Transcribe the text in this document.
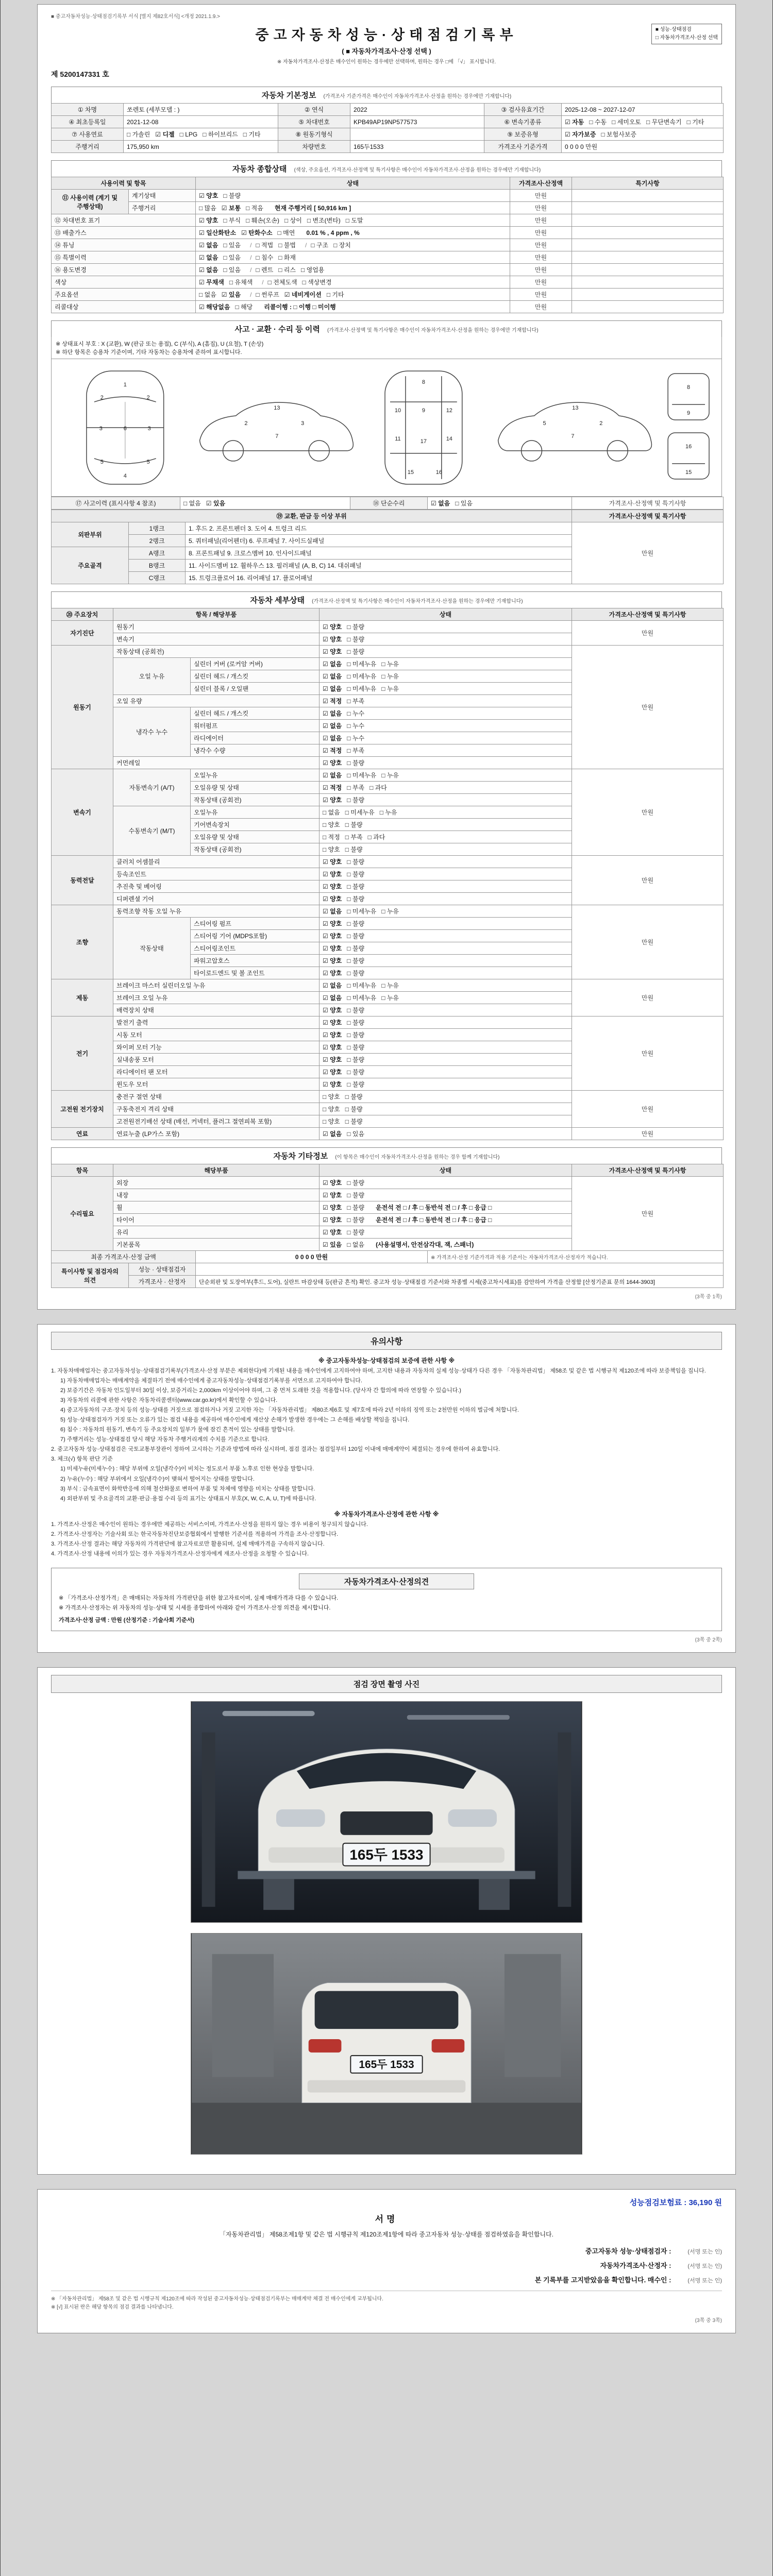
■ 중고자동차성능·상태점검기록부 서식 [별지 제82호서식] <개정 2021.1.9.>
중고자동차성능·상태점검기록부
( ■ 자동차가격조사·산정 선택 )
※ 자동차가격조사·산정은 매수인이 원하는 경우에만 선택하며, 원하는 경우 □에 「√」 표시합니다.
■ 성능·상태점검
□ 자동차가격조사·산정 선택
제 5200147331 호
자동차 기본정보 (가격조사 기준가격은 매수인이 자동차가격조사·산정을 원하는 경우에만 기재합니다)
① 차명	쏘렌토 (세부모델 : )	② 연식	2022	③ 검사유효기간	2025-12-08 ~ 2027-12-07
④ 최초등록일	2021-12-08	⑤ 차대번호	KPB49AP19NP577573	⑥ 변속기종류	☑ 자동 □ 수동 □ 세미오토 □ 무단변속기 □ 기타
⑦ 사용연료	□ 가솔린 ☑ 디젤 □ LPG □ 하이브리드 □ 기타	⑧ 원동기형식		⑨ 보증유형	☑ 자가보증 □ 보험사보증
주행거리	175,950 km	차량번호	165두1533	가격조사 기준가격	0 0 0 0 만원
자동차 종합상태 (색상, 주요옵션, 가격조사·산정액 및 특기사항은 매수인이 자동차가격조사·산정을 원하는 경우에만 기재합니다)
사용이력 및 항목		상태	가격조사·산정액	특기사항
⑪ 사용이력 (계기 및 주행상태)	계기상태	☑ 양호 □ 불량	만원	
	주행거리	□ 많음 ☑ 보통 □ 적음 현재 주행거리 [ 50,916 km ]	만원	
⑫ 차대번호 표기		☑ 양호 □ 부식 □ 훼손(오손) □ 상이 □ 변조(변타) □ 도말	만원	
⑬ 배출가스		☑ 일산화탄소 ☑ 탄화수소 □ 매연 0.01 % , 4 ppm , %	만원	
⑭ 튜닝		☑ 없음 □ 있음 / □ 적법 □ 불법 / □ 구조 □ 장치	만원	
⑮ 특별이력		☑ 없음 □ 있음 / □ 침수 □ 화재	만원	
⑯ 용도변경		☑ 없음 □ 있음 / □ 렌트 □ 리스 □ 영업용	만원	
색상		☑ 무채색 □ 유채색 / □ 전체도색 □ 색상변경	만원	
주요옵션		□ 없음 ☑ 있음 / □ 썬루프 ☑ 네비게이션 □ 기타	만원	
리콜대상		☑ 해당없음 □ 해당 리콜이행 : □ 이행 □ 미이행	만원	
사고 · 교환 · 수리 등 이력 (가격조사·산정액 및 특기사항은 매수인이 자동차가격조사·산정을 원하는 경우에만 기재합니다)
※ 상태표시 부호 : X (교환), W (판금 또는 용접), C (부식), A (흠집), U (요철), T (손상)
※ 하단 항목은 승용차 기준이며, 기타 자동차는 승용차에 준하여 표시합니다.
1
2	2
3	3
6
5	5
4
13
2	3
7
8
10	12
9
11	14
17
15	16
13
5	2
7
8
9
16
15
⑰ 사고이력 (표시사항 4 참조)	□ 없음 ☑ 있음	⑱ 단순수리	☑ 없음 □ 있음	가격조사·산정액 및 특기사항
⑲ 교환, 판금 등 이상 부위			가격조사·산정액 및 특기사항
외판부위	1랭크	1. 후드 2. 프론트펜더 3. 도어 4. 트렁크 리드	만원
	2랭크	5. 쿼터패널(리어펜더) 6. 루프패널 7. 사이드실패널	
주요골격	A랭크	8. 프론트패널 9. 크로스멤버 10. 인사이드패널	
	B랭크	11. 사이드멤버 12. 휠하우스 13. 필러패널 (A, B, C) 14. 대쉬패널	
	C랭크	15. 트렁크플로어 16. 리어패널 17. 플로어패널	
자동차 세부상태 (가격조사·산정액 및 특기사항은 매수인이 자동차가격조사·산정을 원하는 경우에만 기재합니다)
⑳ 주요장치	항목 / 해당부품		상태	가격조사·산정액 및 특기사항
자기진단	원동기		☑ 양호 □ 불량	만원
	변속기		☑ 양호 □ 불량	
원동기	작동상태 (공회전)		☑ 양호 □ 불량	만원
	오일 누유	실린더 커버 (로커암 커버)	☑ 없음 □ 미세누유 □ 누유	
		실린더 헤드 / 개스킷	☑ 없음 □ 미세누유 □ 누유	
		실린더 블록 / 오일팬	☑ 없음 □ 미세누유 □ 누유	
	오일 유량		☑ 적정 □ 부족	
	냉각수 누수	실린더 헤드 / 개스킷	☑ 없음 □ 누수	
		워터펌프	☑ 없음 □ 누수	
		라디에이터	☑ 없음 □ 누수	
		냉각수 수량	☑ 적정 □ 부족	
	커먼레일		☑ 양호 □ 불량	
변속기	자동변속기 (A/T)	오일누유	☑ 없음 □ 미세누유 □ 누유	만원
		오일유량 및 상태	☑ 적정 □ 부족 □ 과다	
		작동상태 (공회전)	☑ 양호 □ 불량	
	수동변속기 (M/T)	오일누유	□ 없음 □ 미세누유 □ 누유	
		기어변속장치	□ 양호 □ 불량	
		오일유량 및 상태	□ 적정 □ 부족 □ 과다	
		작동상태 (공회전)	□ 양호 □ 불량	
동력전달	클러치 어셈블리		☑ 양호 □ 불량	만원
	등속조인트		☑ 양호 □ 불량	
	추진축 및 베어링		☑ 양호 □ 불량	
	디퍼렌셜 기어		☑ 양호 □ 불량	
조향	동력조향 작동 오일 누유		☑ 없음 □ 미세누유 □ 누유	만원
	작동상태	스티어링 펌프	☑ 양호 □ 불량	
		스티어링 기어 (MDPS포함)	☑ 양호 □ 불량	
		스티어링조인트	☑ 양호 □ 불량	
		파워고압호스	☑ 양호 □ 불량	
		타이로드엔드 및 볼 조인트	☑ 양호 □ 불량	
제동	브레이크 마스터 실린더오일 누유		☑ 없음 □ 미세누유 □ 누유	만원
	브레이크 오일 누유		☑ 없음 □ 미세누유 □ 누유	
	배력장치 상태		☑ 양호 □ 불량	
전기	발전기 출력		☑ 양호 □ 불량	만원
	시동 모터		☑ 양호 □ 불량	
	와이퍼 모터 기능		☑ 양호 □ 불량	
	실내송풍 모터		☑ 양호 □ 불량	
	라디에이터 팬 모터		☑ 양호 □ 불량	
	윈도우 모터		☑ 양호 □ 불량	
고전원 전기장치	충전구 절연 상태		□ 양호 □ 불량	만원
	구동축전지 격리 상태		□ 양호 □ 불량	
	고전원전기배선 상태 (배선, 커넥터, 플러그 절연피복 포함)		□ 양호 □ 불량	
연료	연료누출 (LP가스 포함)		☑ 없음 □ 있음	만원
자동차 기타정보 (이 항목은 매수인이 자동차가격조사·산정을 원하는 경우 함께 기재합니다)
항목	해당부품	상태	가격조사·산정액 및 특기사항
수리필요	외장	☑ 양호 □ 불량	만원
	내장	☑ 양호 □ 불량	
	휠	☑ 양호 □ 불량 운전석 전 □ / 후 □ 동반석 전 □ / 후 □ 응급 □	
	타이어	☑ 양호 □ 불량 운전석 전 □ / 후 □ 동반석 전 □ / 후 □ 응급 □	
	유리	☑ 양호 □ 불량	
	기본품목	☑ 있음 □ 없음 (사용설명서, 안전삼각대, 잭, 스패너)	
최종 가격조사·산정 금액	0 0 0 0 만원	※ 가격조사·산정 기준가격과 적용 기준서는 자동차가격조사·산정자가 적습니다.
특이사항 및 점검자의 의견	성능 · 상태점검자	
	가격조사 · 산정자	단순외판 및 도장여부(후드, 도어), 실란트 마감상태 등(판금 흔적) 확인. 중고차 성능·상태점검 기준서와 차종별 시세(중고차시세표)를 감안하여 가격을 산정함 [산정기준표 문의 1644-3903]
(3쪽 중 1쪽)
유의사항
※ 중고자동차성능·상태점검의 보증에 관한 사항 ※
1. 자동차매매업자는 중고자동차성능·상태점검기록부(가격조사·산정 부분은 제외한다)에 기재된 내용을 매수인에게 고지하여야 하며, 고지한 내용과 자동차의 실제 성능·상태가 다른 경우 「자동차관리법」 제58조 및 같은 법 시행규칙 제120조에 따라 보증책임을 집니다.
1) 자동차매매업자는 매매계약을 체결하기 전에 매수인에게 중고자동차성능·상태점검기록부를 서면으로 고지하여야 합니다.
2) 보증기간은 자동차 인도일부터 30일 이상, 보증거리는 2,000km 이상이어야 하며, 그 중 먼저 도래한 것을 적용합니다. (당사자 간 합의에 따라 연장할 수 있습니다.)
3) 자동차의 리콜에 관한 사항은 자동차리콜센터(www.car.go.kr)에서 확인할 수 있습니다.
4) 중고자동차의 구조·장치 등의 성능·상태를 거짓으로 점검하거나 거짓 고지한 자는 「자동차관리법」 제80조제6호 및 제7호에 따라 2년 이하의 징역 또는 2천만원 이하의 벌금에 처합니다.
5) 성능·상태점검자가 거짓 또는 오류가 있는 점검 내용을 제공하여 매수인에게 재산상 손해가 발생한 경우에는 그 손해를 배상할 책임을 집니다.
6) 침수 : 자동차의 원동기, 변속기 등 주요장치의 일부가 물에 잠긴 흔적이 있는 상태를 말합니다.
7) 주행거리는 성능·상태점검 당시 해당 자동차 주행거리계의 수치를 기준으로 합니다.
2. 중고자동차 성능·상태점검은 국토교통부장관이 정하여 고시하는 기준과 방법에 따라 실시하며, 점검 결과는 점검일부터 120일 이내에 매매계약이 체결되는 경우에 한하여 유효합니다.
3. 체크(√) 항목 판단 기준
1) 미세누유(미세누수) : 해당 부위에 오일(냉각수)이 비치는 정도로서 부품 노후로 인한 현상을 말합니다.
2) 누유(누수) : 해당 부위에서 오일(냉각수)이 맺혀서 떨어지는 상태를 말합니다.
3) 부식 : 금속표면이 화학반응에 의해 철산화물로 변하여 부품 및 차체에 영향을 미치는 상태를 말합니다.
4) 외판부위 및 주요골격의 교환·판금·용접 수리 등의 표기는 상태표시 부호(X, W, C, A, U, T)에 따릅니다.
※ 자동차가격조사·산정에 관한 사항 ※
1. 가격조사·산정은 매수인이 원하는 경우에만 제공하는 서비스이며, 가격조사·산정을 원하지 않는 경우 비용이 청구되지 않습니다.
2. 가격조사·산정자는 기술사회 또는 한국자동차진단보증협회에서 발행한 기준서를 적용하여 가격을 조사·산정합니다.
3. 가격조사·산정 결과는 해당 자동차의 가격판단에 참고자료로만 활용되며, 실제 매매가격을 구속하지 않습니다.
4. 가격조사·산정 내용에 이의가 있는 경우 자동차가격조사·산정자에게 재조사·산정을 요청할 수 있습니다.
자동차가격조사·산정의견
※ 「가격조사·산정가격」은 매매되는 자동차의 가격판단을 위한 참고자료이며, 실제 매매가격과 다를 수 있습니다.
※ 가격조사·산정자는 위 자동차의 성능·상태 및 시세를 종합하여 아래와 같이 가격조사·산정 의견을 제시합니다.
가격조사·산정 금액 : 만원 (산정기준 : 기술사회 기준서)
(3쪽 중 2쪽)
점검 장면 촬영 사진
165두 1533
165두 1533
성능점검보험료 : 36,190 원
서명
「자동차관리법」 제58조제1항 및 같은 법 시행규칙 제120조제1항에 따라 중고자동차 성능·상태를 점검하였음을 확인합니다.
중고자동차 성능·상태점검자 :	(서명 또는 인)
자동차가격조사·산정자 :	(서명 또는 인)
본 기록부를 고지받았음을 확인합니다. 매수인 :	(서명 또는 인)
※ 「자동차관리법」 제58조 및 같은 법 시행규칙 제120조에 따라 작성된 중고자동차성능·상태점검기록부는 매매계약 체결 전 매수인에게 교부됩니다.
※ [√] 표시된 란은 해당 항목의 점검 결과를 나타냅니다.
(3쪽 중 3쪽)
